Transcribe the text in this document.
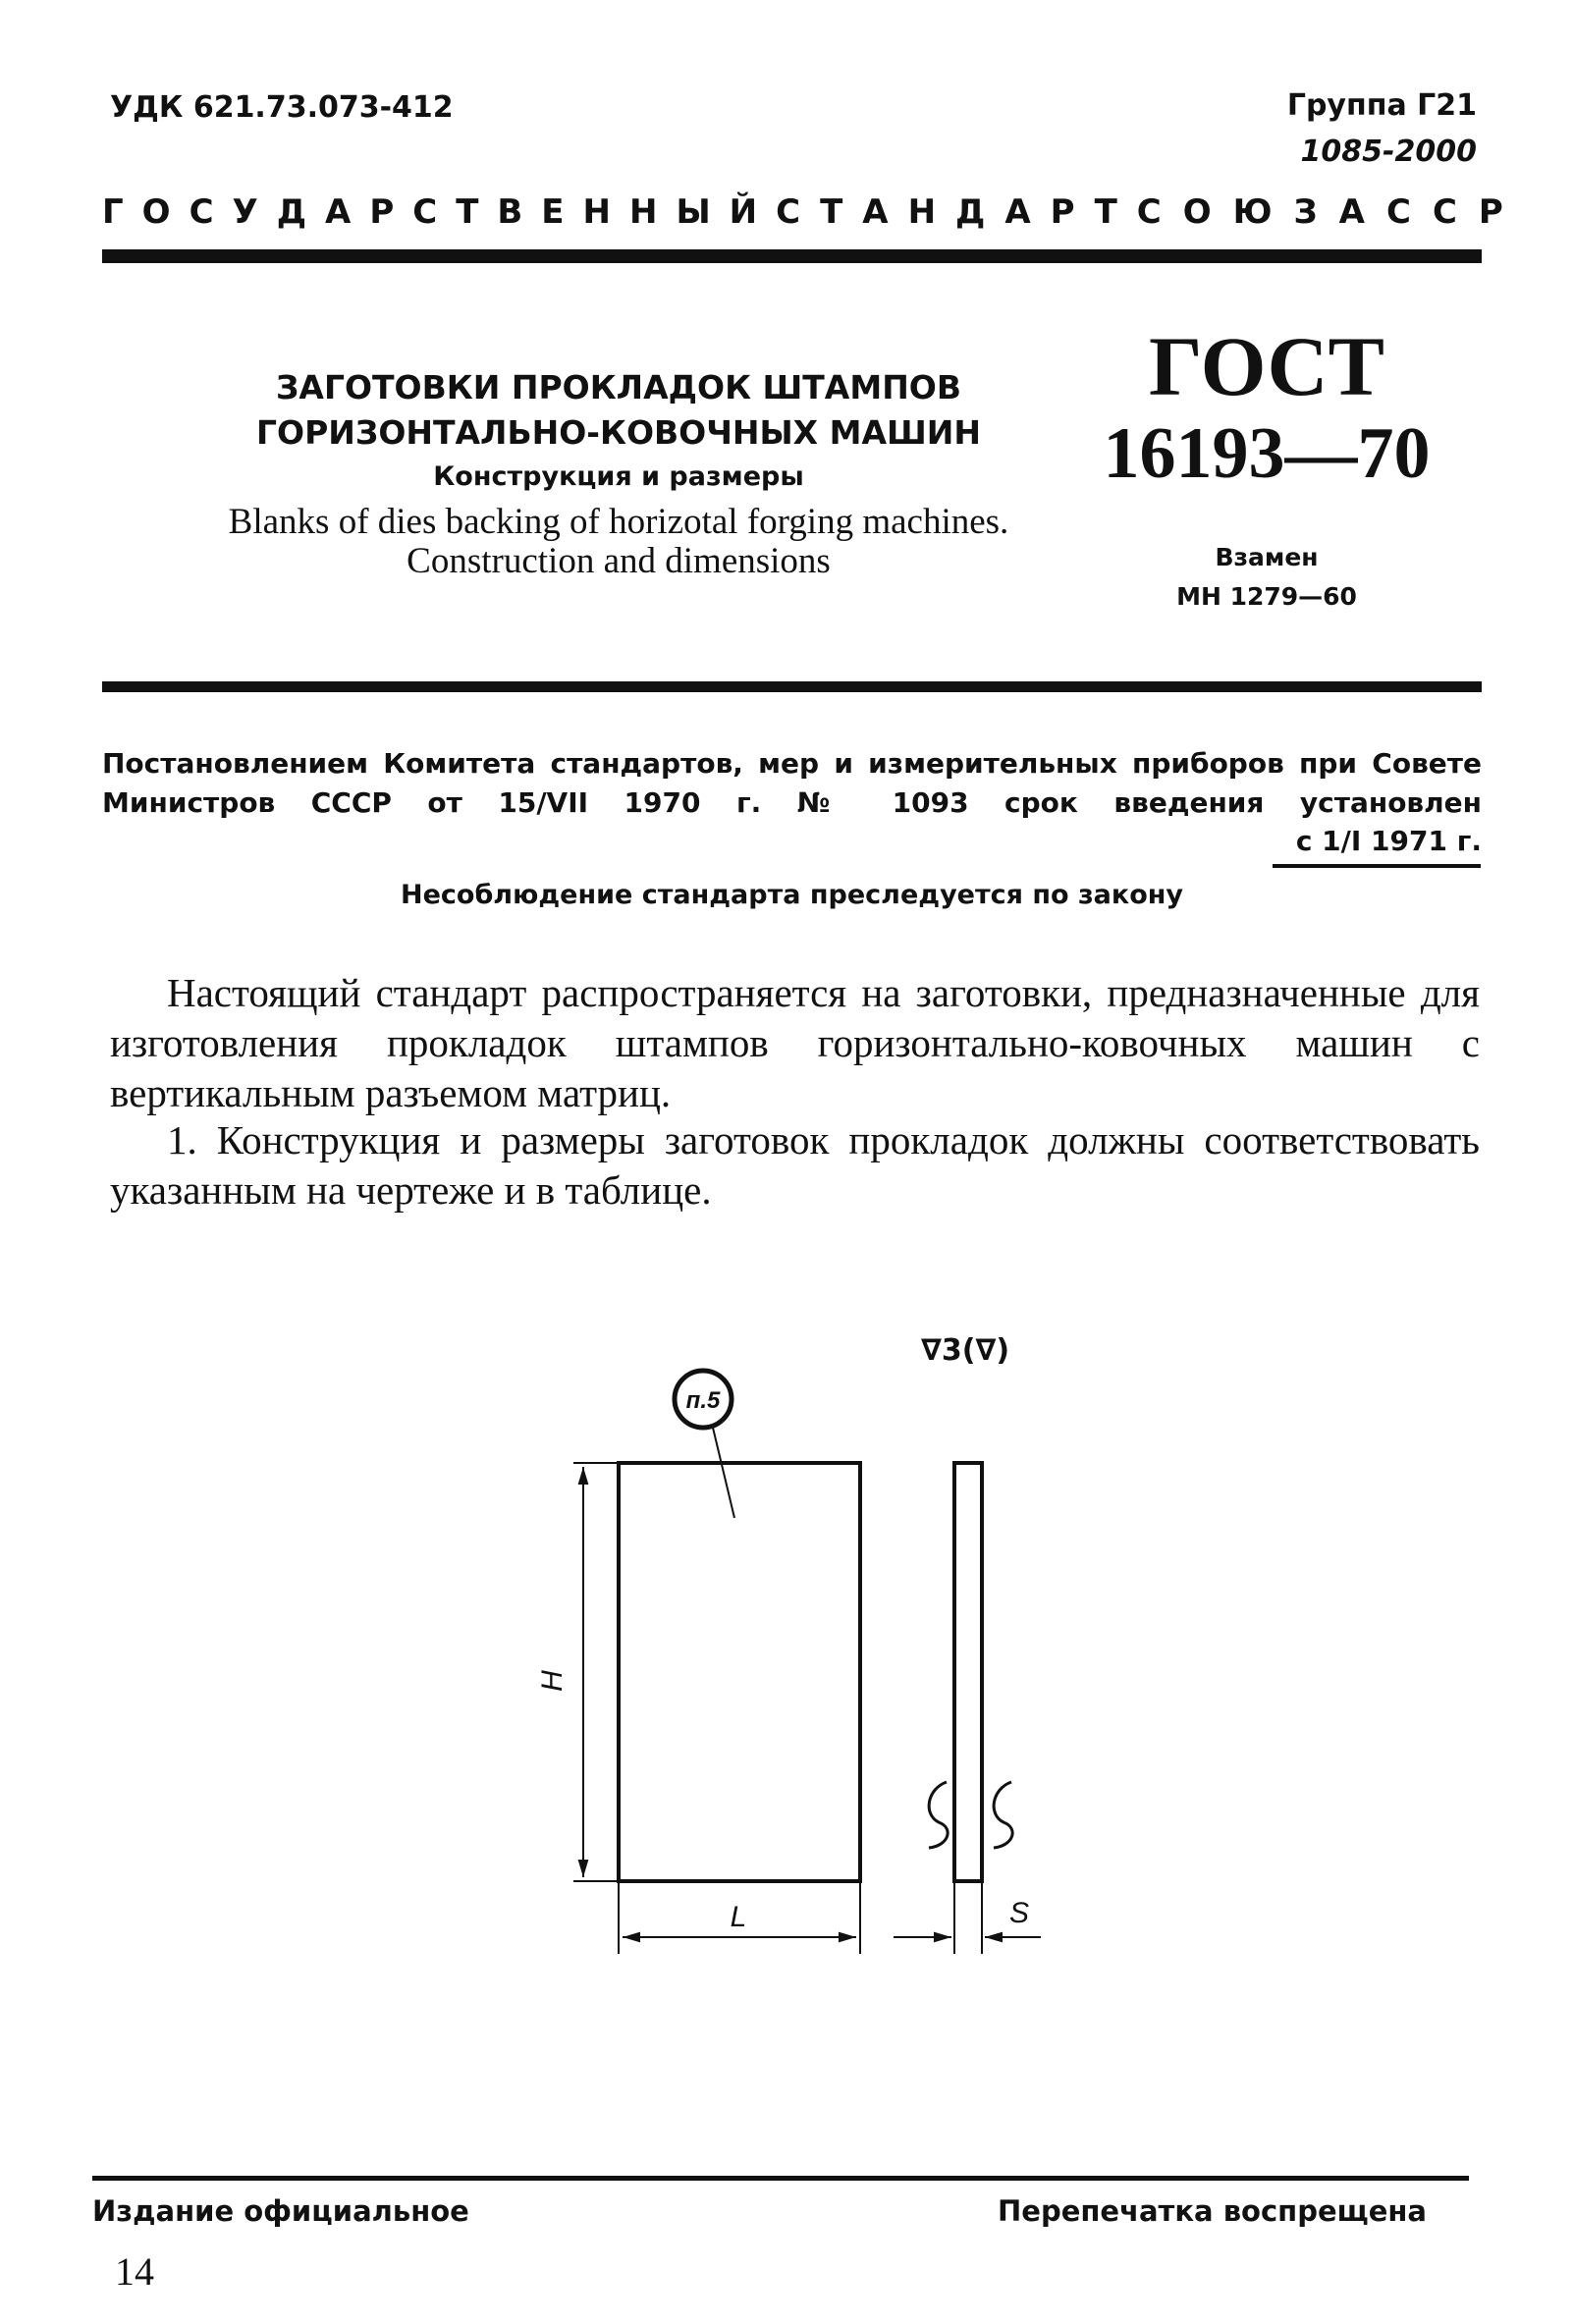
УДК 621.73.073-412	Группа Г21
1085-2000
ГОСУДАРСТВЕННЫЙ СТАНДАРТ СОЮЗА ССР
ЗАГОТОВКИ ПРОКЛАДОК ШТАМПОВ
ГОРИЗОНТАЛЬНО-КОВОЧНЫХ МАШИН
Конструкция и размеры
Blanks of dies backing of horizotal forging machines.
Construction and dimensions
ГОСТ
16193—70
Взамен
МН 1279—60
Постановлением Комитета стандартов, мер и измерительных приборов при Совете Министров СССР от 15/VII 1970 г. № 1093 срок введения установлен
с 1/I 1971 г.
Несоблюдение стандарта преследуется по закону
Настоящий стандарт распространяется на заготовки, предназначенные для изготовления прокладок штампов горизонтально-ковочных машин с вертикальным разъемом матриц.
1. Конструкция и размеры заготовок прокладок должны соответствовать указанным на чертеже и в таблице.
H
L
п.5
∇3(∇)
S
Издание официальное	Перепечатка воспрещена
14
